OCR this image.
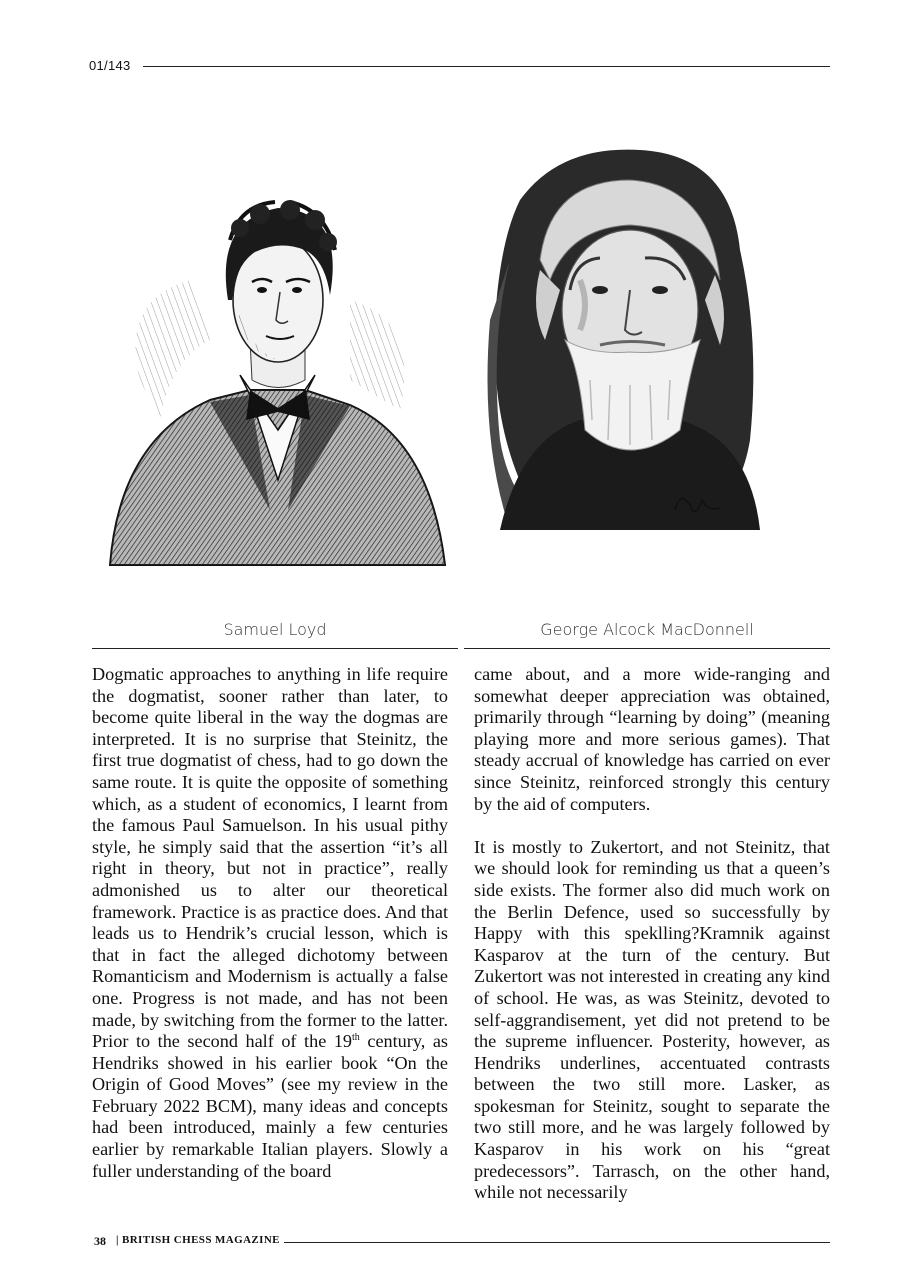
01/143
Samuel Loyd	George Alcock MacDonnell

Dogmatic approaches to anything in life require the dogmatist, sooner rather than later, to become quite liberal in the way the dogmas are interpreted. It is no surprise that Steinitz, the first true dogmatist of chess, had to go down the same route. It is quite the opposite of something which, as a student of economics, I learnt from the famous Paul Samuelson. In his usual pithy style, he simply said that the assertion “it’s all right in theory, but not in practice”, really admonished us to alter our theoretical framework. Practice is as practice does. And that leads us to Hendrik’s crucial lesson, which is that in fact the alleged dichotomy between Romanticism and Modernism is actually a false one. Progress is not made, and has not been made, by switching from the former to the latter. Prior to the second half of the 19th century, as Hendriks showed in his earlier book “On the Origin of Good Moves” (see my review in the February 2022 BCM), many ideas and concepts had been introduced, mainly a few centuries earlier by remarkable Italian players. Slowly a fuller understanding of the board

came about, and a more wide-ranging and somewhat deeper appreciation was obtained, primarily through “learning by doing” (meaning playing more and more serious games). That steady accrual of knowledge has carried on ever since Steinitz, reinforced strongly this century by the aid of computers.

It is mostly to Zukertort, and not Steinitz, that we should look for reminding us that a queen’s side exists. The former also did much work on the Berlin Defence, used so successfully by Happy with this speklling?Kramnik against Kasparov at the turn of the century. But Zukertort was not interested in creating any kind of school. He was, as was Steinitz, devoted to self-aggrandisement, yet did not pretend to be the supreme influencer. Posterity, however, as Hendriks underlines, accentuated contrasts between the two still more. Lasker, as spokesman for Steinitz, sought to separate the two still more, and he was largely followed by Kasparov in his work on his “great predecessors”. Tarrasch, on the other hand, while not necessarily

38 | BRITISH CHESS MAGAZINE
